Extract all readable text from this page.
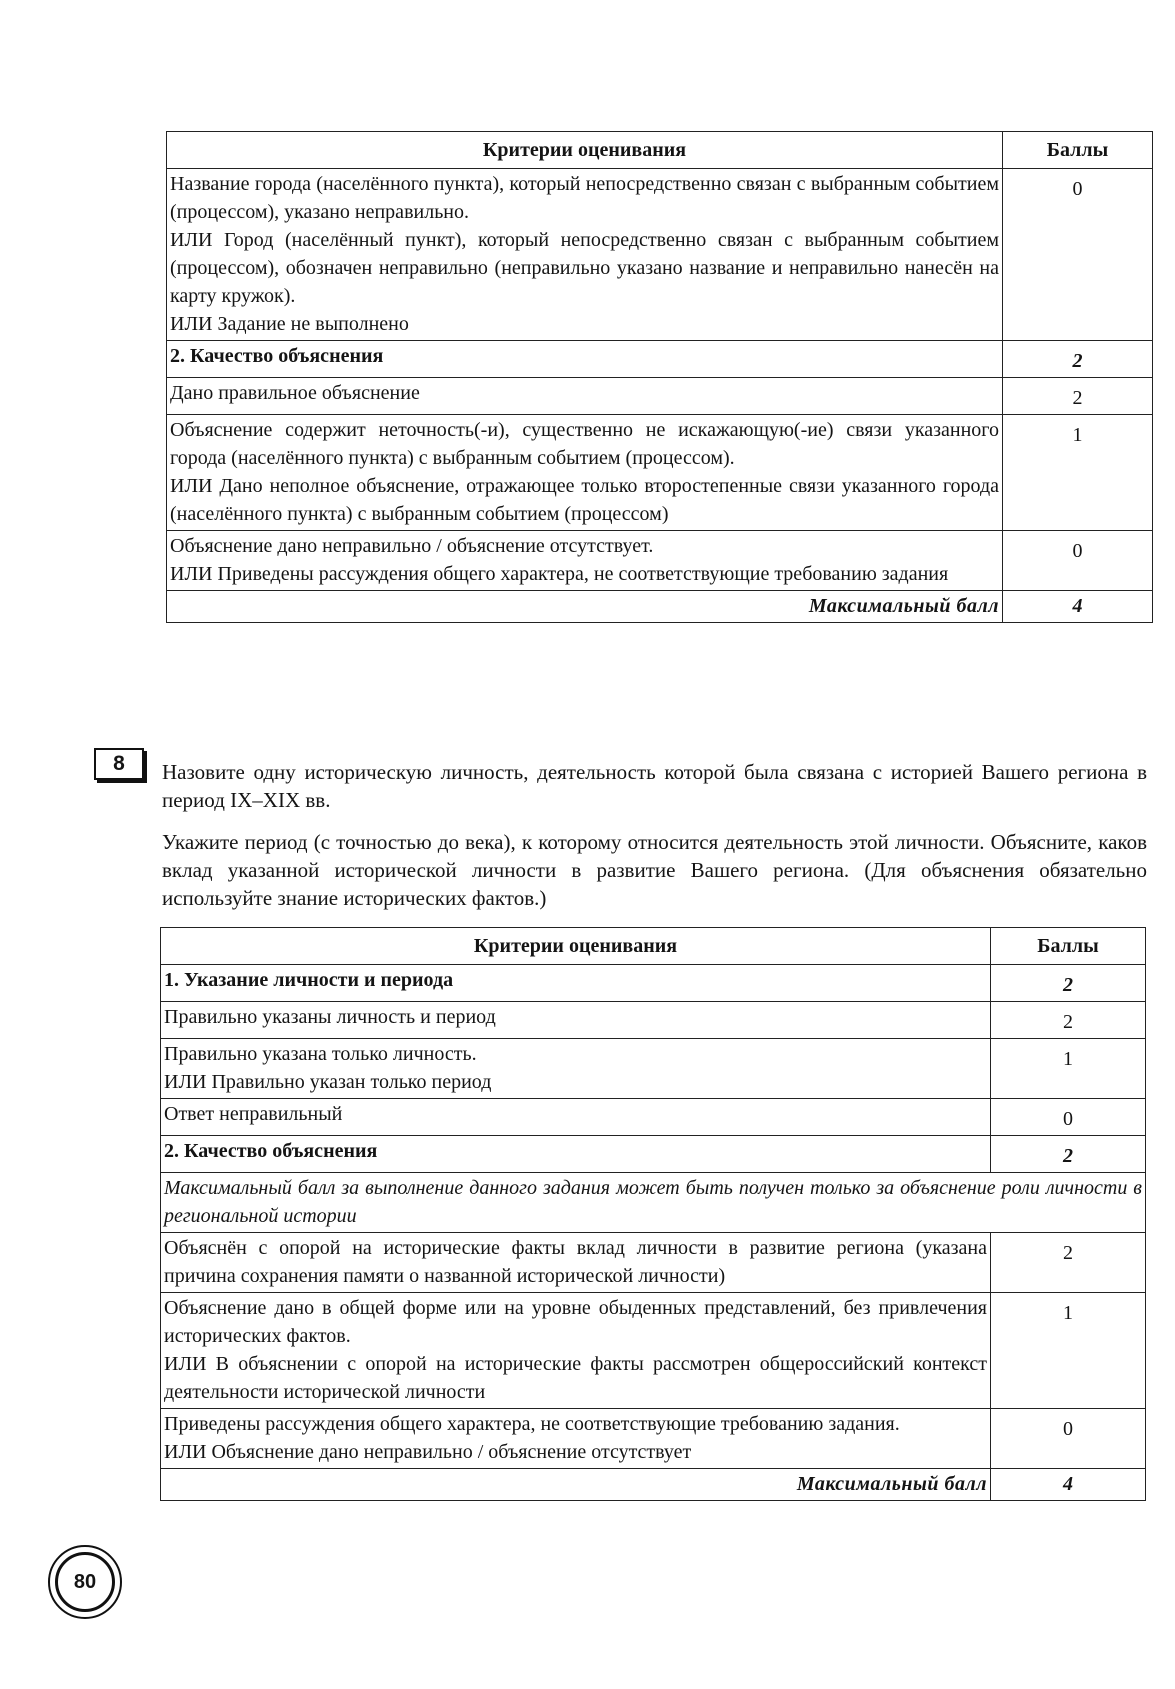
Критерии оценивания	Баллы

Название города (населённого пункта), который непосредственно связан с выбранным событием (процессом), указано неправильно.
ИЛИ Город (населённый пункт), который непосредственно связан с выбранным событием (процессом), обозначен неправильно (неправильно указано название и неправильно нанесён на карту кружок).
ИЛИ Задание не выполнено	0
2. Качество объяснения	2
Дано правильное объяснение	2

Объяснение содержит неточность(-и), существенно не искажающую(-ие) связи указанного города (населённого пункта) с выбранным событием (процессом).
ИЛИ Дано неполное объяснение, отражающее только второстепенные связи указанного города (населённого пункта) с выбранным событием (процессом)	1

Объяснение дано неправильно / объяснение отсутствует.
ИЛИ Приведены рассуждения общего характера, не соответствующие требованию задания	0
Максимальный балл	4
8	Назовите одну историческую личность, деятельность которой была связана с историей Вашего региона в период IX–XIX вв.
Укажите период (с точностью до века), к которому относится деятельность этой личности. Объясните, каков вклад указанной исторической личности в развитие Вашего региона. (Для объяснения обязательно используйте знание исторических фактов.)
Критерии оценивания	Баллы
1. Указание личности и периода	2
Правильно указаны личность и период	2

Правильно указана только личность.
ИЛИ Правильно указан только период	1
Ответ неправильный	0
2. Качество объяснения	2
Максимальный балл за выполнение данного задания может быть получен только за объяснение роли личности в региональной истории	
Объяснён с опорой на исторические факты вклад личности в развитие региона (указана причина сохранения памяти о названной исторической личности)	2

Объяснение дано в общей форме или на уровне обыденных представлений, без привлечения исторических фактов.
ИЛИ В объяснении с опорой на исторические факты рассмотрен общероссийский контекст деятельности исторической личности	1

Приведены рассуждения общего характера, не соответствующие требованию задания.
ИЛИ Объяснение дано неправильно / объяснение отсутствует	0
Максимальный балл	4
80
